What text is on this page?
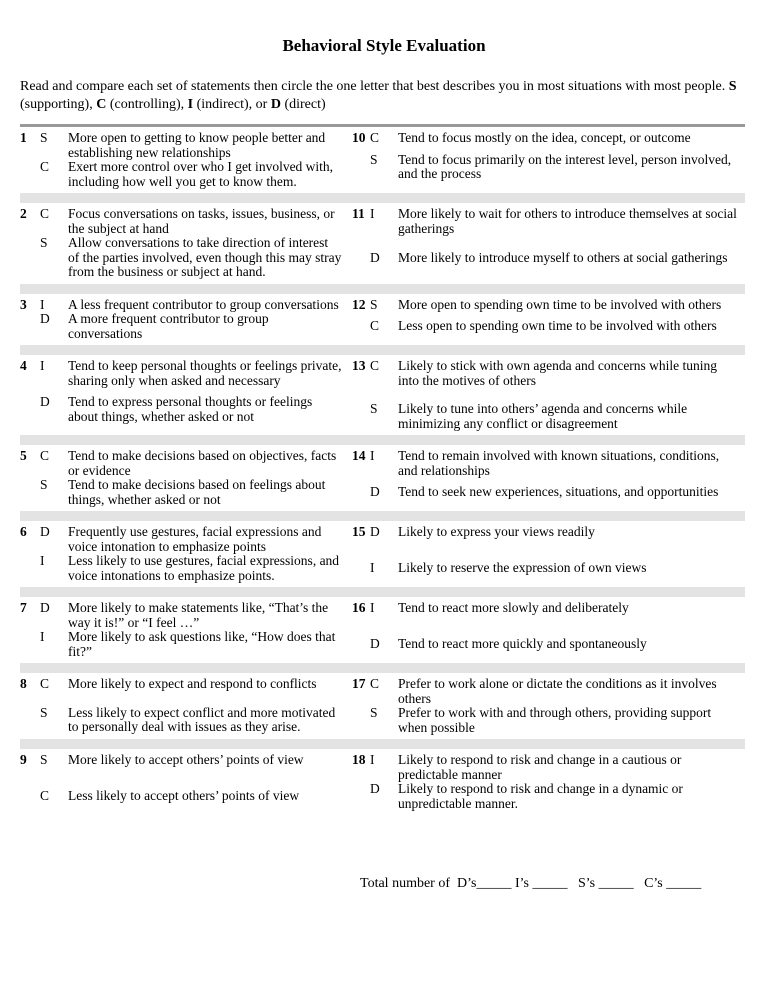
Behavioral Style Evaluation
Read and compare each set of statements then circle the one letter that best describes you in most situations with most people. S (supporting), C (controlling), I (indirect), or D (direct)
1 S	More open to getting to know people better and establishing new relationships
C	Exert more control over who I get involved with, including how well you get to know them.
10 C	Tend to focus mostly on the idea, concept, or outcome
S	Tend to focus primarily on the interest level, person involved, and the process
2 C	Focus conversations on tasks, issues, business, or the subject at hand
S	Allow conversations to take direction of interest of the parties involved, even though this may stray from the business or subject at hand.
11 I	More likely to wait for others to introduce themselves at social gatherings
D	More likely to introduce myself to others at social gatherings
3 I	A less frequent contributor to group conversations
D	A more frequent contributor to group conversations
12 S	More open to spending own time to be involved with others
C	Less open to spending own time to be involved with others
4 I	Tend to keep personal thoughts or feelings private, sharing only when asked and necessary
D	Tend to express personal thoughts or feelings about things, whether asked or not
13 C	Likely to stick with own agenda and concerns while tuning into the motives of others
S	Likely to tune into others’ agenda and concerns while minimizing any conflict or disagreement
5 C	Tend to make decisions based on objectives, facts or evidence
S	Tend to make decisions based on feelings about things, whether asked or not
14 I	Tend to remain involved with known situations, conditions, and relationships
D	Tend to seek new experiences, situations, and opportunities
6 D	Frequently use gestures, facial expressions and voice intonation to emphasize points
I	Less likely to use gestures, facial expressions, and voice intonations to emphasize points.
15 D	Likely to express your views readily
I	Likely to reserve the expression of own views
7 D	More likely to make statements like, “That’s the way it is!” or “I feel …”
I	More likely to ask questions like, “How does that fit?”
16 I	Tend to react more slowly and deliberately
D	Tend to react more quickly and spontaneously
8 C	More likely to expect and respond to conflicts
S	Less likely to expect conflict and more motivated to personally deal with issues as they arise.
17 C	Prefer to work alone or dictate the conditions as it involves others
S	Prefer to work with and through others, providing support when possible
9 S	More likely to accept others’ points of view
C	Less likely to accept others’ points of view
18 I	Likely to respond to risk and change in a cautious or predictable manner
D	Likely to respond to risk and change in a dynamic or unpredictable manner.
Total number of  D’s_____ I’s _____   S’s _____   C’s _____
